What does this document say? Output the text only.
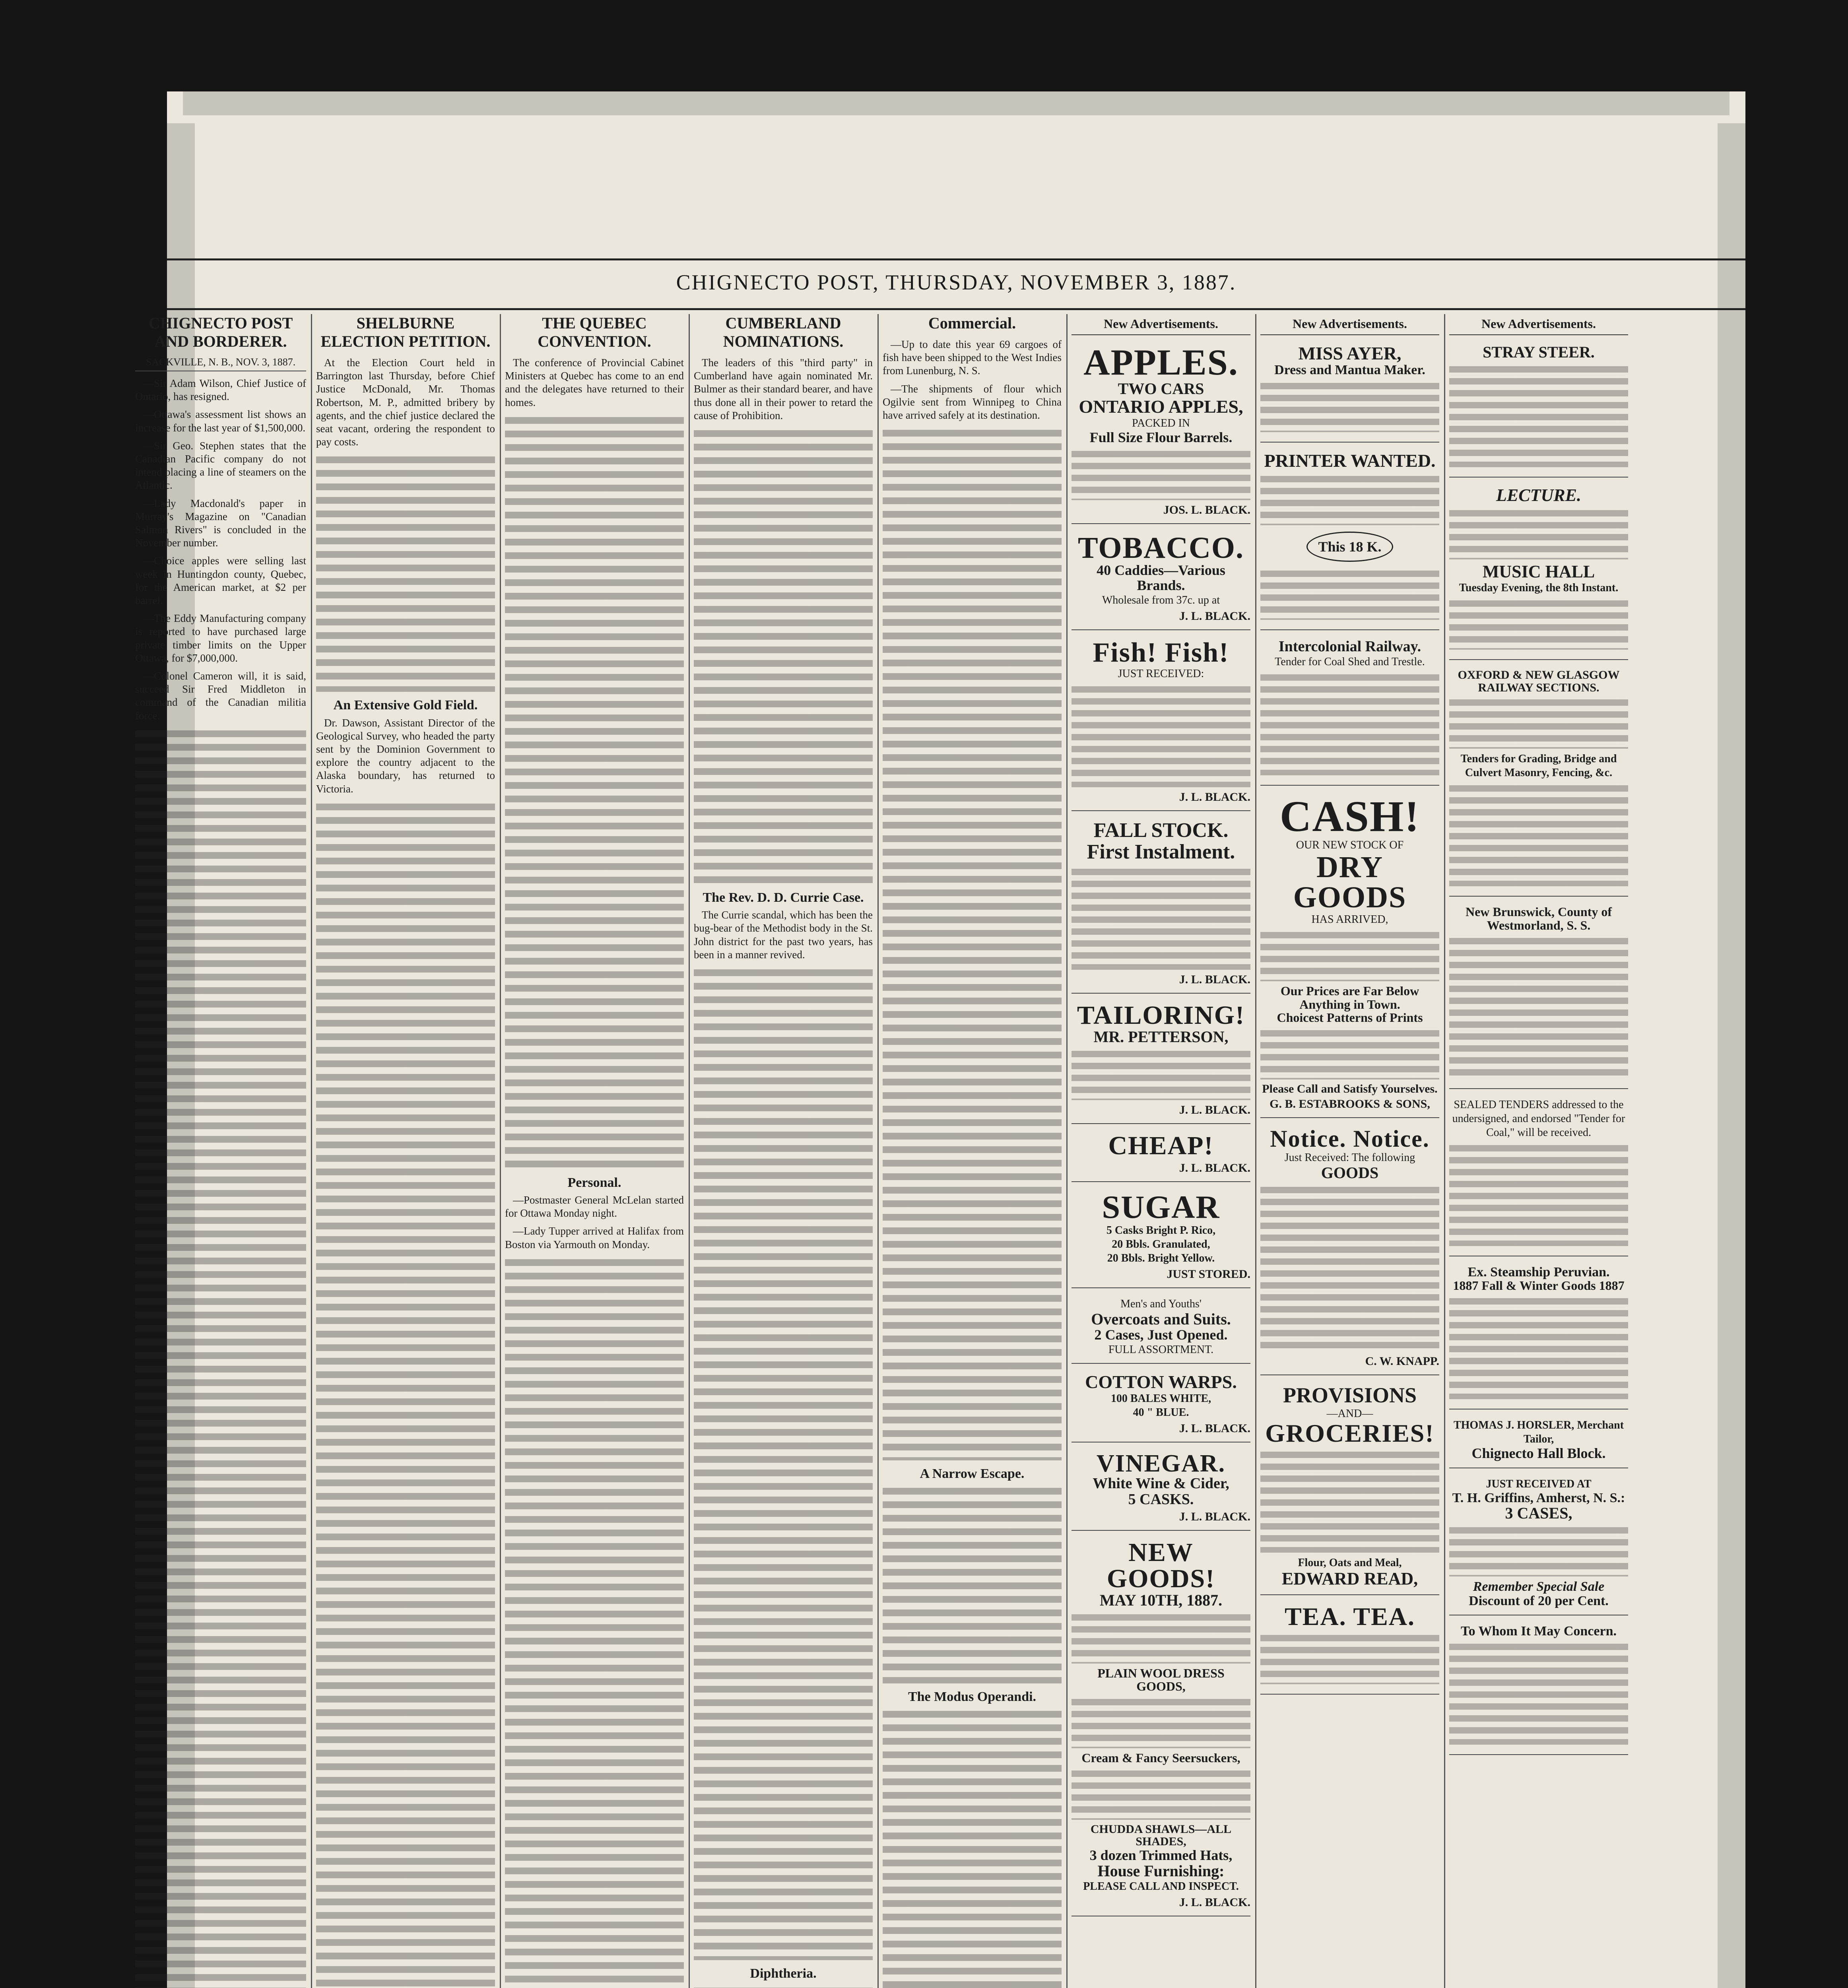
CHIGNECTO POST, THURSDAY, NOVEMBER 3, 1887.
CHIGNECTO POST AND BORDERER.
SACKVILLE, N. B., NOV. 3, 1887.

—Sir Adam Wilson, Chief Justice of Ontario, has resigned.

—Ottawa's assessment list shows an increase for the last year of $1,500,000.

—Sir Geo. Stephen states that the Canadian Pacific company do not intend placing a line of steamers on the Atlantic.

—Lady Macdonald's paper in Murray's Magazine on "Canadian Salmon Rivers" is concluded in the November number.

—Choice apples were selling last week in Huntingdon county, Quebec, for the American market, at $2 per barrel.

—The Eddy Manufacturing company is reported to have purchased large private timber limits on the Upper Ottawa, for $7,000,000.

—Colonel Cameron will, it is said, succeed Sir Fred Middleton in command of the Canadian militia force.

SHELBURNE ELECTION PETITION.

At the Election Court held in Barrington last Thursday, before Chief Justice McDonald, Mr. Thomas Robertson, M. P., admitted bribery by agents, and the chief justice declared the seat vacant, ordering the respondent to pay costs.

An Extensive Gold Field.

Dr. Dawson, Assistant Director of the Geological Survey, who headed the party sent by the Dominion Government to explore the country adjacent to the Alaska boundary, has returned to Victoria.

THE QUEBEC CONVENTION.

The conference of Provincial Cabinet Ministers at Quebec has come to an end and the delegates have returned to their homes.

Personal.

—Postmaster General McLelan started for Ottawa Monday night.

—Lady Tupper arrived at Halifax from Boston via Yarmouth on Monday.

CUMBERLAND NOMINATIONS.

The leaders of this "third party" in Cumberland have again nominated Mr. Bulmer as their standard bearer, and have thus done all in their power to retard the cause of Prohibition.

The Rev. D. D. Currie Case.

The Currie scandal, which has been the bug-bear of the Methodist body in the St. John district for the past two years, has been in a manner revived.

Diphtheria.
Commercial.

—Up to date this year 69 cargoes of fish have been shipped to the West Indies from Lunenburg, N. S.

—The shipments of flour which Ogilvie sent from Winnipeg to China have arrived safely at its destination.

A Narrow Escape.
The Modus Operandi.
New Advertisements.
APPLES.
TWO CARS
ONTARIO APPLES,
PACKED IN
Full Size Flour Barrels.
JOS. L. BLACK.
TOBACCO.
40 Caddies—Various Brands.
Wholesale from 37c. up at
J. L. BLACK.
Fish! Fish!
JUST RECEIVED:
J. L. BLACK.
FALL STOCK.
First Instalment.
J. L. BLACK.
TAILORING!
MR. PETTERSON,
J. L. BLACK.
CHEAP!
J. L. BLACK.
SUGAR
5 Casks Bright P. Rico,
20 Bbls. Granulated,
20 Bbls. Bright Yellow.
JUST STORED.
Men's and Youths'
Overcoats and Suits.
2 Cases, Just Opened.
FULL ASSORTMENT.
COTTON WARPS.
100 BALES WHITE,
40 " BLUE.
J. L. BLACK.
VINEGAR.
White Wine & Cider,
5 CASKS.
J. L. BLACK.
NEW GOODS!
MAY 10TH, 1887.
PLAIN WOOL DRESS GOODS,
Cream & Fancy Seersuckers,
CHUDDA SHAWLS—ALL SHADES,
3 dozen Trimmed Hats,
House Furnishing:
PLEASE CALL AND INSPECT.
J. L. BLACK.
New Advertisements.
MISS AYER,
Dress and Mantua Maker.
PRINTER WANTED.
This 18 K.
Intercolonial Railway.
Tender for Coal Shed and Trestle.
CASH!
OUR NEW STOCK OF
DRY GOODS
HAS ARRIVED,
Our Prices are Far Below Anything in Town.
Choicest Patterns of Prints
Please Call and Satisfy Yourselves.
G. B. ESTABROOKS & SONS,
Notice. Notice.
Just Received: The following
GOODS
C. W. KNAPP.
PROVISIONS
—AND—
GROCERIES!
Flour, Oats and Meal,
EDWARD READ,
TEA. TEA.
New Advertisements.
STRAY STEER.
LECTURE.
MUSIC HALL
Tuesday Evening, the 8th Instant.
OXFORD & NEW GLASGOW RAILWAY SECTIONS.
Tenders for Grading, Bridge and Culvert Masonry, Fencing, &c.
New Brunswick, County of Westmorland, S. S.
SEALED TENDERS addressed to the undersigned, and endorsed "Tender for Coal," will be received.
Ex. Steamship Peruvian.
1887 Fall & Winter Goods 1887
THOMAS J. HORSLER, Merchant Tailor,
Chignecto Hall Block.
JUST RECEIVED AT
T. H. Griffins, Amherst, N. S.:
3 CASES,
Remember Special Sale
Discount of 20 per Cent.
To Whom It May Concern.
